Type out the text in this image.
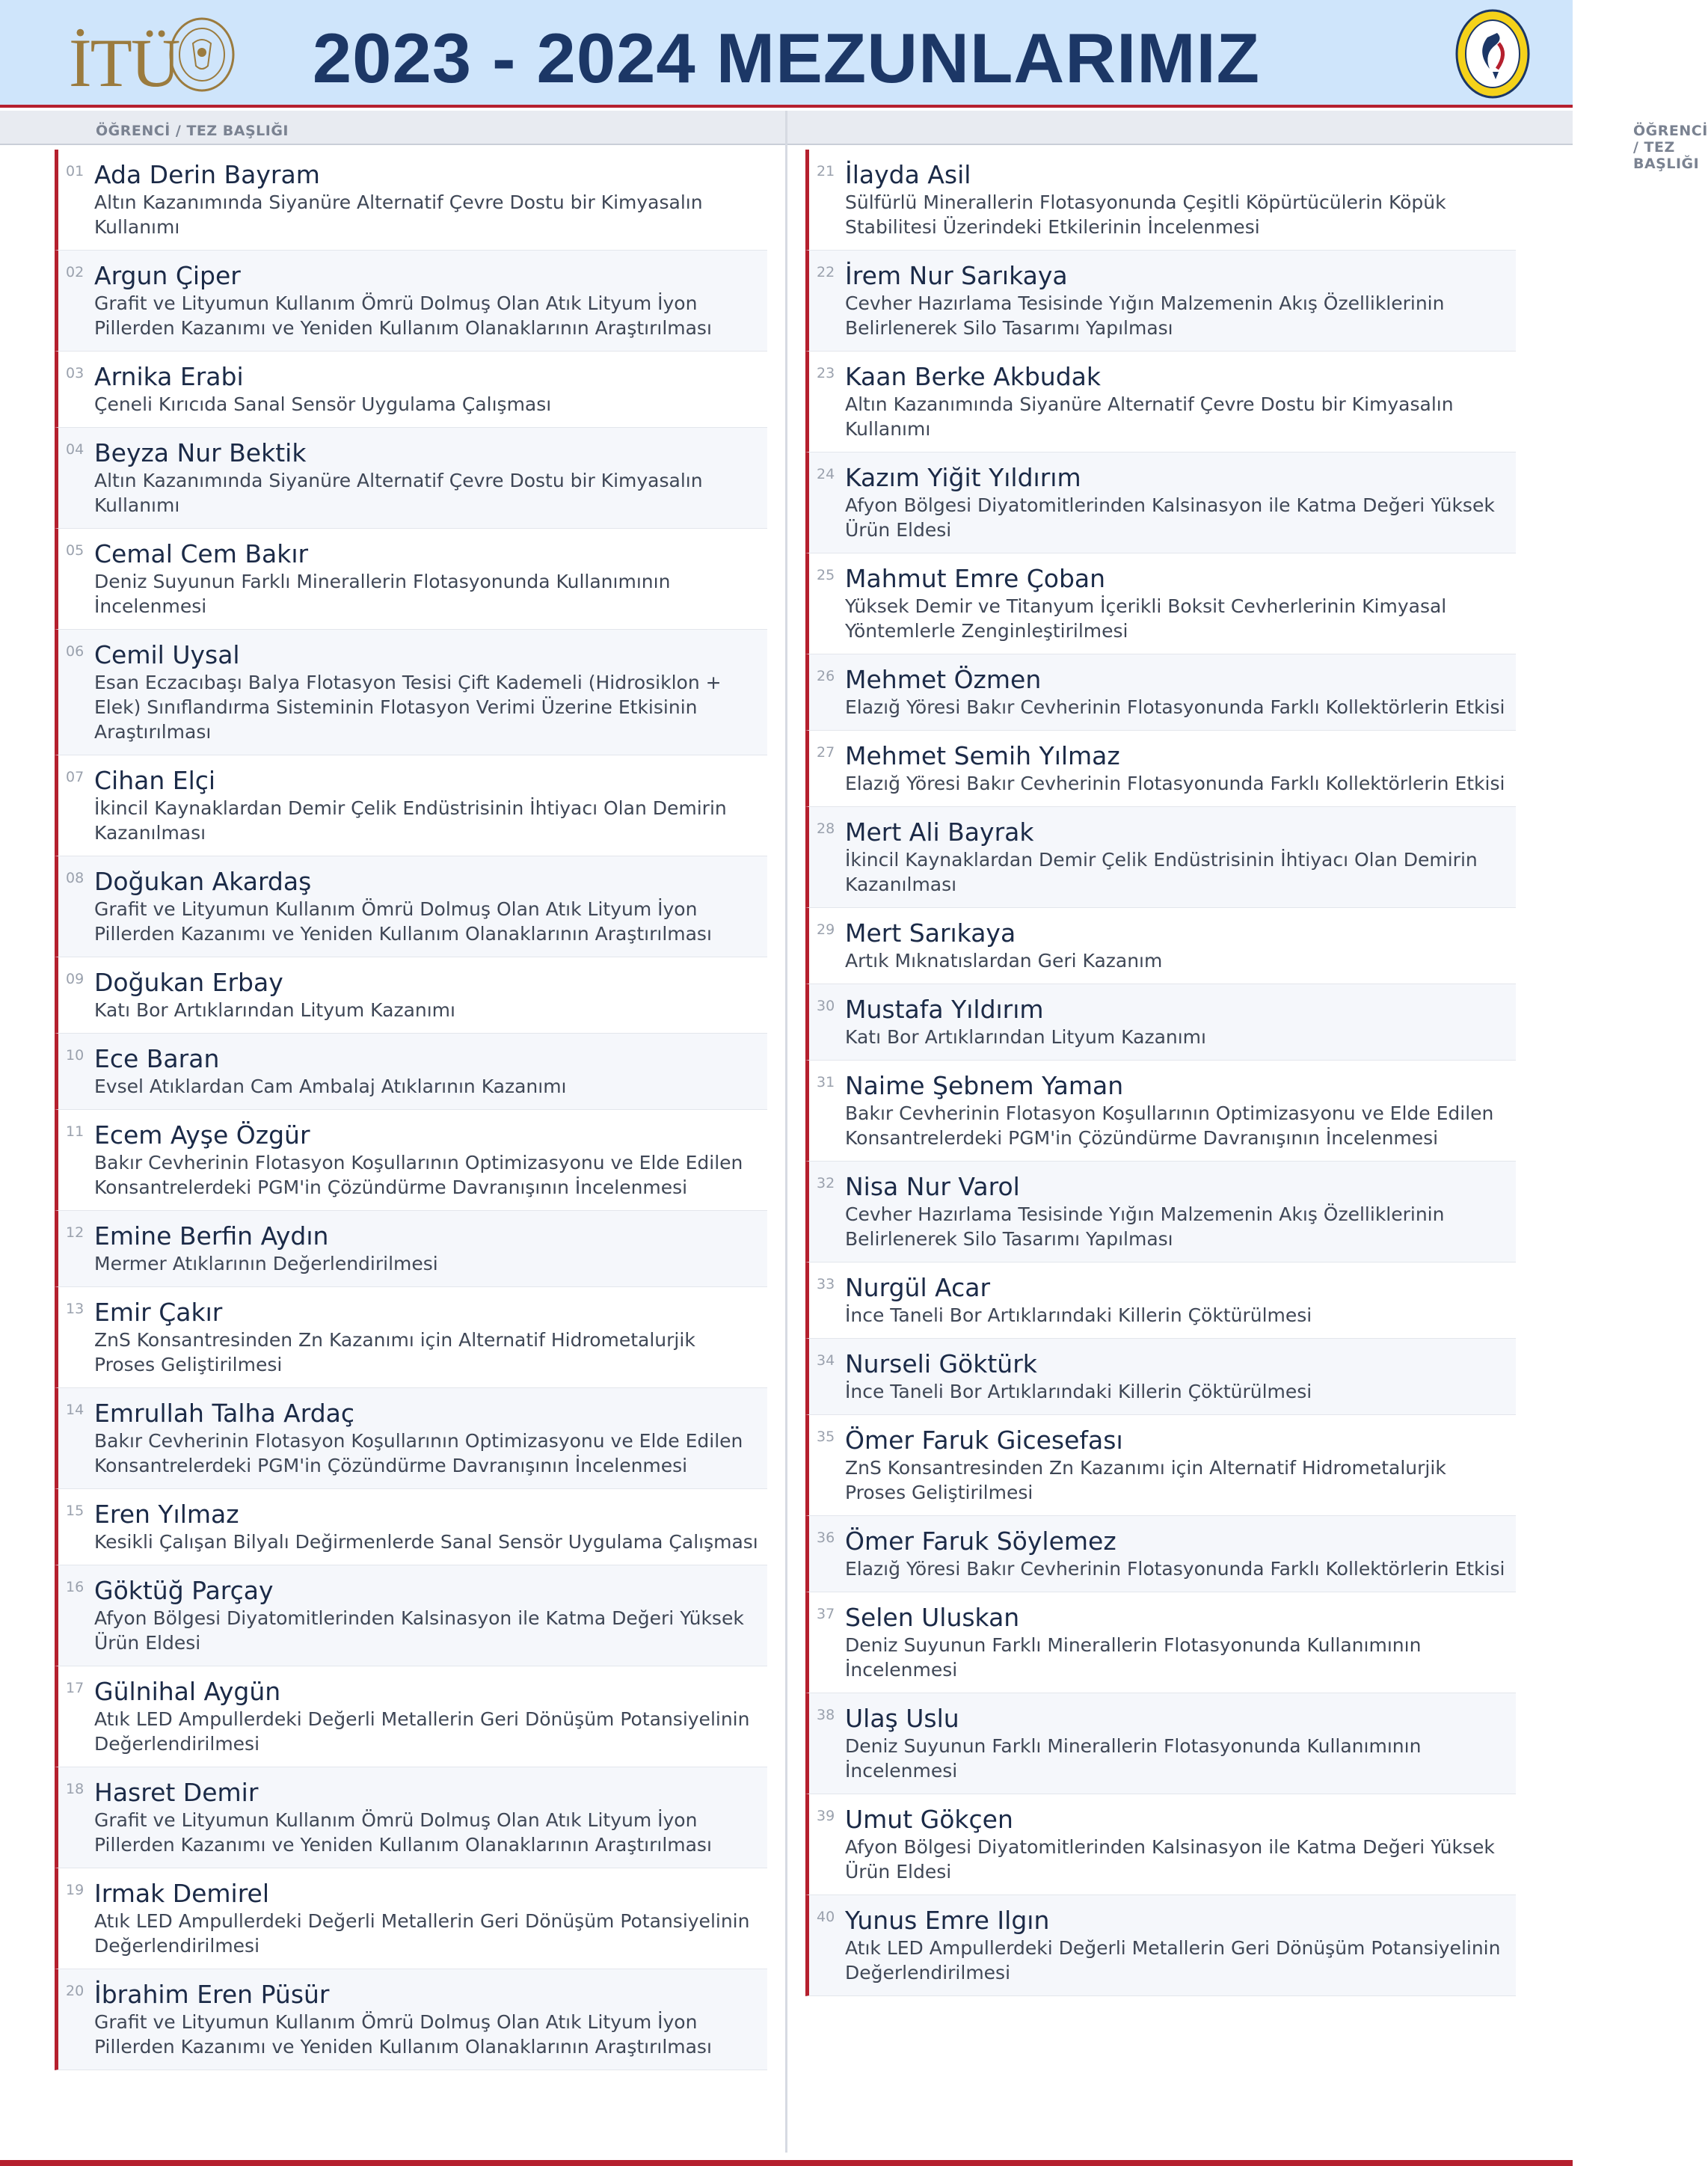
İTÜ	2023 - 2024 MEZUNLARIMIZ
ÖĞRENCİ / TEZ BAŞLIĞI	ÖĞRENCİ / TEZ BAŞLIĞI
01 Ada Derin Bayram
Altın Kazanımında Siyanüre Alternatif Çevre Dostu bir Kimyasalın Kullanımı
02 Argun Çiper
Grafit ve Lityumun Kullanım Ömrü Dolmuş Olan Atık Lityum İyon Pillerden Kazanımı ve Yeniden Kullanım Olanaklarının Araştırılması
03 Arnika Erabi
Çeneli Kırıcıda Sanal Sensör Uygulama Çalışması
04 Beyza Nur Bektik
Altın Kazanımında Siyanüre Alternatif Çevre Dostu bir Kimyasalın Kullanımı
05 Cemal Cem Bakır
Deniz Suyunun Farklı Minerallerin Flotasyonunda Kullanımının İncelenmesi
06 Cemil Uysal
Esan Eczacıbaşı Balya Flotasyon Tesisi Çift Kademeli (Hidrosiklon + Elek) Sınıflandırma Sisteminin Flotasyon Verimi Üzerine Etkisinin Araştırılması
07 Cihan Elçi
İkincil Kaynaklardan Demir Çelik Endüstrisinin İhtiyacı Olan Demirin Kazanılması
08 Doğukan Akardaş
Grafit ve Lityumun Kullanım Ömrü Dolmuş Olan Atık Lityum İyon Pillerden Kazanımı ve Yeniden Kullanım Olanaklarının Araştırılması
09 Doğukan Erbay
Katı Bor Artıklarından Lityum Kazanımı
10 Ece Baran
Evsel Atıklardan Cam Ambalaj Atıklarının Kazanımı
11 Ecem Ayşe Özgür
Bakır Cevherinin Flotasyon Koşullarının Optimizasyonu ve Elde Edilen Konsantrelerdeki PGM'in Çözündürme Davranışının İncelenmesi
12 Emine Berfin Aydın
Mermer Atıklarının Değerlendirilmesi
13 Emir Çakır
ZnS Konsantresinden Zn Kazanımı için Alternatif Hidrometalurjik Proses Geliştirilmesi
14 Emrullah Talha Ardaç
Bakır Cevherinin Flotasyon Koşullarının Optimizasyonu ve Elde Edilen Konsantrelerdeki PGM'in Çözündürme Davranışının İncelenmesi
15 Eren Yılmaz
Kesikli Çalışan Bilyalı Değirmenlerde Sanal Sensör Uygulama Çalışması
16 Göktüğ Parçay
Afyon Bölgesi Diyatomitlerinden Kalsinasyon ile Katma Değeri Yüksek Ürün Eldesi
17 Gülnihal Aygün
Atık LED Ampullerdeki Değerli Metallerin Geri Dönüşüm Potansiyelinin Değerlendirilmesi
18 Hasret Demir
Grafit ve Lityumun Kullanım Ömrü Dolmuş Olan Atık Lityum İyon Pillerden Kazanımı ve Yeniden Kullanım Olanaklarının Araştırılması
19 Irmak Demirel
Atık LED Ampullerdeki Değerli Metallerin Geri Dönüşüm Potansiyelinin Değerlendirilmesi
20 İbrahim Eren Püsür
Grafit ve Lityumun Kullanım Ömrü Dolmuş Olan Atık Lityum İyon Pillerden Kazanımı ve Yeniden Kullanım Olanaklarının Araştırılması
21 İlayda Asil
Sülfürlü Minerallerin Flotasyonunda Çeşitli Köpürtücülerin Köpük Stabilitesi Üzerindeki Etkilerinin İncelenmesi
22 İrem Nur Sarıkaya
Cevher Hazırlama Tesisinde Yığın Malzemenin Akış Özelliklerinin Belirlenerek Silo Tasarımı Yapılması
23 Kaan Berke Akbudak
Altın Kazanımında Siyanüre Alternatif Çevre Dostu bir Kimyasalın Kullanımı
24 Kazım Yiğit Yıldırım
Afyon Bölgesi Diyatomitlerinden Kalsinasyon ile Katma Değeri Yüksek Ürün Eldesi
25 Mahmut Emre Çoban
Yüksek Demir ve Titanyum İçerikli Boksit Cevherlerinin Kimyasal Yöntemlerle Zenginleştirilmesi
26 Mehmet Özmen
Elazığ Yöresi Bakır Cevherinin Flotasyonunda Farklı Kollektörlerin Etkisi
27 Mehmet Semih Yılmaz
Elazığ Yöresi Bakır Cevherinin Flotasyonunda Farklı Kollektörlerin Etkisi
28 Mert Ali Bayrak
İkincil Kaynaklardan Demir Çelik Endüstrisinin İhtiyacı Olan Demirin Kazanılması
29 Mert Sarıkaya
Artık Mıknatıslardan Geri Kazanım
30 Mustafa Yıldırım
Katı Bor Artıklarından Lityum Kazanımı
31 Naime Şebnem Yaman
Bakır Cevherinin Flotasyon Koşullarının Optimizasyonu ve Elde Edilen Konsantrelerdeki PGM'in Çözündürme Davranışının İncelenmesi
32 Nisa Nur Varol
Cevher Hazırlama Tesisinde Yığın Malzemenin Akış Özelliklerinin Belirlenerek Silo Tasarımı Yapılması
33 Nurgül Acar
İnce Taneli Bor Artıklarındaki Killerin Çöktürülmesi
34 Nurseli Göktürk
İnce Taneli Bor Artıklarındaki Killerin Çöktürülmesi
35 Ömer Faruk Gicesefası
ZnS Konsantresinden Zn Kazanımı için Alternatif Hidrometalurjik Proses Geliştirilmesi
36 Ömer Faruk Söylemez
Elazığ Yöresi Bakır Cevherinin Flotasyonunda Farklı Kollektörlerin Etkisi
37 Selen Uluskan
Deniz Suyunun Farklı Minerallerin Flotasyonunda Kullanımının İncelenmesi
38 Ulaş Uslu
Deniz Suyunun Farklı Minerallerin Flotasyonunda Kullanımının İncelenmesi
39 Umut Gökçen
Afyon Bölgesi Diyatomitlerinden Kalsinasyon ile Katma Değeri Yüksek Ürün Eldesi
40 Yunus Emre Ilgın
Atık LED Ampullerdeki Değerli Metallerin Geri Dönüşüm Potansiyelinin Değerlendirilmesi
